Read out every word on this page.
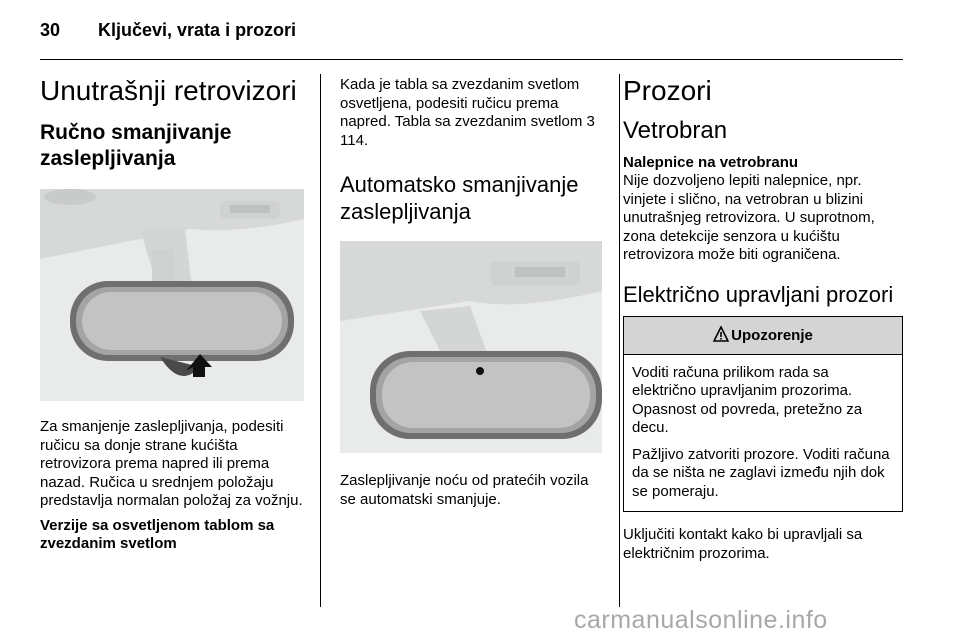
30 Ključevi, vrata i prozori
Unutrašnji retrovizori
Ručno smanjivanje zaslepljivanja

Za smanjenje zaslepljivanja, podesiti ručicu sa donje strane kućišta retrovizora prema napred ili prema nazad. Ručica u srednjem položaju predstavlja normalan položaj za vožnju.

Verzije sa osvetljenom tablom sa zvezdanim svetlom

Kada je tabla sa zvezdanim svetlom osvetljena, podesiti ručicu prema napred. Tabla sa zvezdanim svetlom 3 114.

Automatsko smanjivanje zaslepljivanja

Zaslepljivanje noću od pratećih vozila se automatski smanjuje.

Prozori
Vetrobran
Nalepnice na vetrobranu

Nije dozvoljeno lepiti nalepnice, npr. vinjete i slično, na vetrobran u blizini unutrašnjeg retrovizora. U suprotnom, zona detekcije senzora u kućištu retrovizora može biti ograničena.

Električno upravljani prozori
Upozorenje

Voditi računa prilikom rada sa električno upravljanim prozorima. Opasnost od povreda, pretežno za decu.

Pažljivo zatvoriti prozore. Voditi računa da se ništa ne zaglavi između njih dok se pomeraju.

Uključiti kontakt kako bi upravljali sa električnim prozorima.

carmanualsonline.info
